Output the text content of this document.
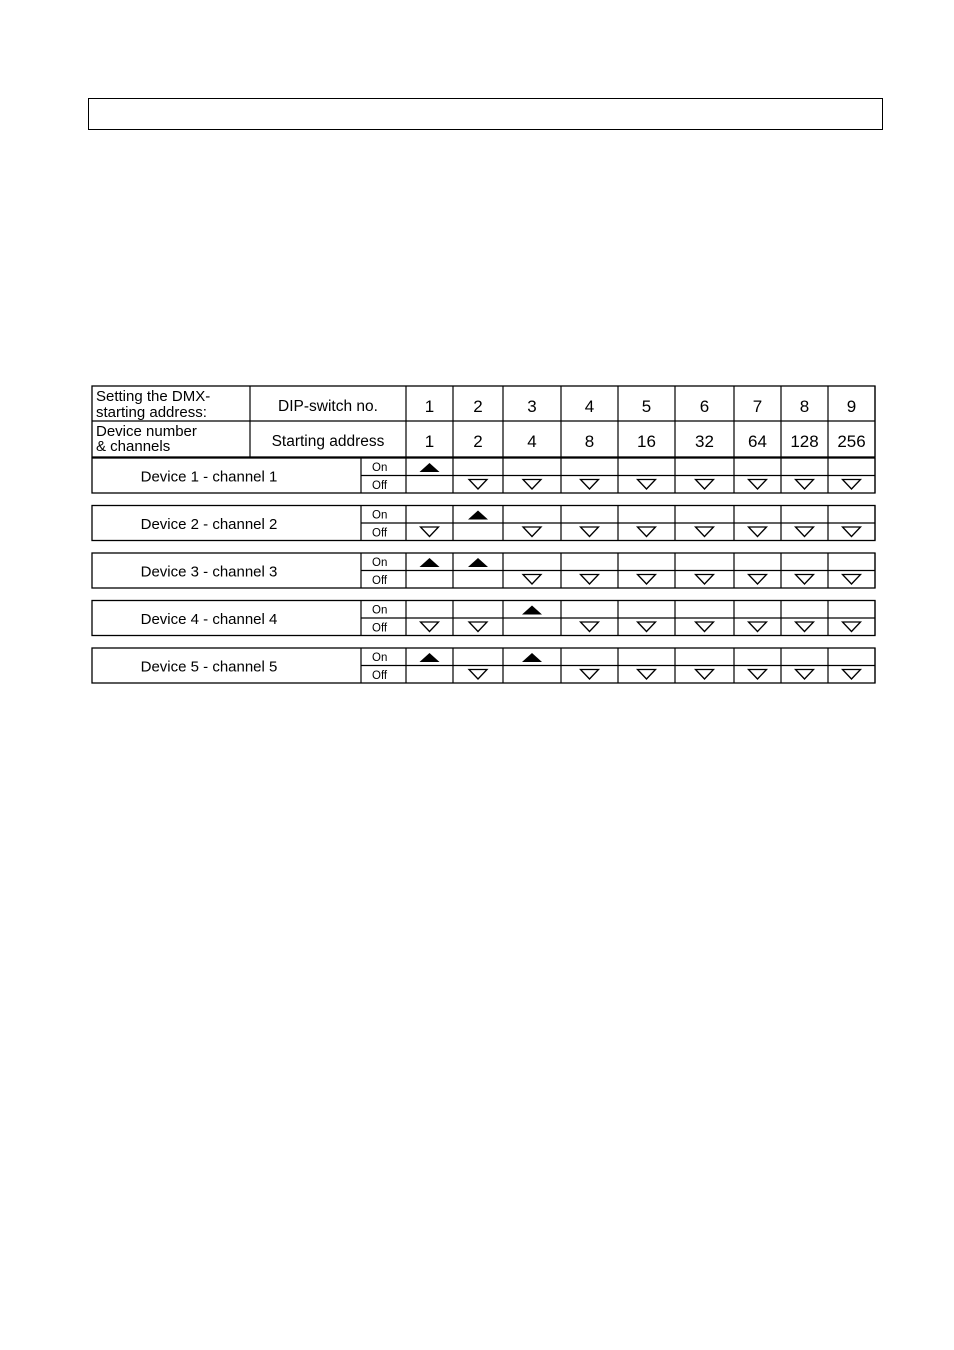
Setting the DMX-
starting address:	DIP-switch no.
Device number
& channels	Starting address
1
1
2
2
3
4
4
8
5
16
6
32
7
64
8
128
9
256
Device 1 - channel 1
On
Off
Device 2 - channel 2
On
Off
Device 3 - channel 3
On
Off
Device 4 - channel 4
On
Off
Device 5 - channel 5
On
Off
